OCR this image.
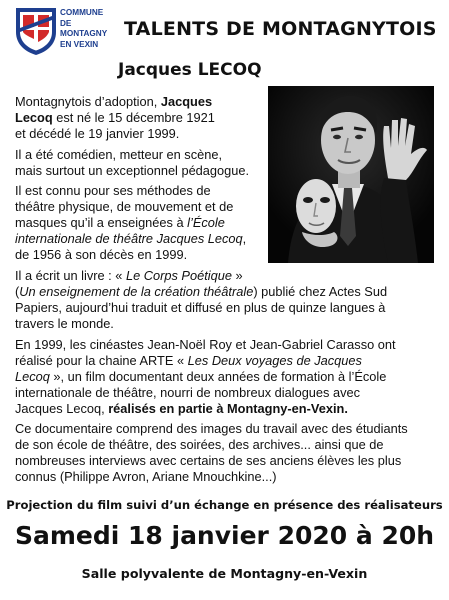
COMMUNE
DE
MONTAGNY
EN VEXIN
TALENTS DE MONTAGNYTOIS
Jacques LECOQ

Montagnytois d’adoption, Jacques
Lecoq est né le 15 décembre 1921
et décédé le 19 janvier 1999.

Il a été comédien, metteur en scène,
mais surtout un exceptionnel pédagogue.

Il est connu pour ses méthodes de
théâtre physique, de mouvement et de
masques qu’il a enseignées à l’École
internationale de théâtre Jacques Lecoq,
de 1956 à son décès en 1999.

Il a écrit un livre : « Le Corps Poétique »
(Un enseignement de la création théâtrale) publié chez Actes Sud
Papiers, aujourd’hui traduit et diffusé en plus de quinze langues à
travers le monde.

En 1999, les cinéastes Jean-Noël Roy et Jean-Gabriel Carasso ont
réalisé pour la chaine ARTE « Les Deux voyages de Jacques
Lecoq », un film documentant deux années de formation à l’École
internationale de théâtre, nourri de nombreux dialogues avec
Jacques Lecoq, réalisés en partie à Montagny-en-Vexin.

Ce documentaire comprend des images du travail avec des étudiants
de son école de théâtre, des soirées, des archives... ainsi que de
nombreuses interviews avec certains de ses anciens élèves les plus
connus (Philippe Avron, Ariane Mnouchkine...)

Projection du film suivi d’un échange en présence des réalisateurs

Samedi 18 janvier 2020 à 20h

Salle polyvalente de Montagny-en-Vexin
